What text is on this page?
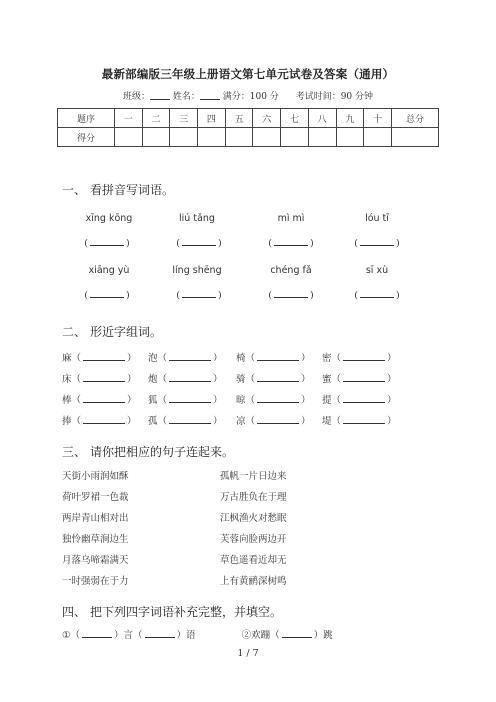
最新部编版三年级上册语文第七单元试卷及答案（通用）
班级：	姓名：	满分：100 分 考试时间：90 分钟
题序	一	二	三	四	五	六	七	八	九	十	总分
得分											
一、 看拼音写词语。
xīng kōng	liú tǎng	mì mì	lóu tī
(	)	(	)	(	)	(	)
xiāng yù	líng shēng	chéng fǎ	sī xù
(	)	(	)	(	)	(	)
二、 形近字组词。
麻（	） 泡（	） 椅（	） 密（	）
床（	） 炮（	） 骑（	） 蜜（	）
棒（	） 狐（	） 晾（	） 提（	）
捧（	） 孤（	） 凉（	） 堤（	）
三、 请你把相应的句子连起来。
天街小雨润如酥	孤帆一片日边来
荷叶罗裙一色裁	万古胜负在于理
两岸青山相对出	江枫渔火对愁眠
独怜幽草涧边生	芙蓉向脸两边开
月落乌啼霜满天	草色遥看近却无
一时强弱在于力	上有黄鹂深树鸣
四、 把下列四字词语补充完整，并填空。
①（	）言（	）语	②欢蹦（	）跳
1 / 7
